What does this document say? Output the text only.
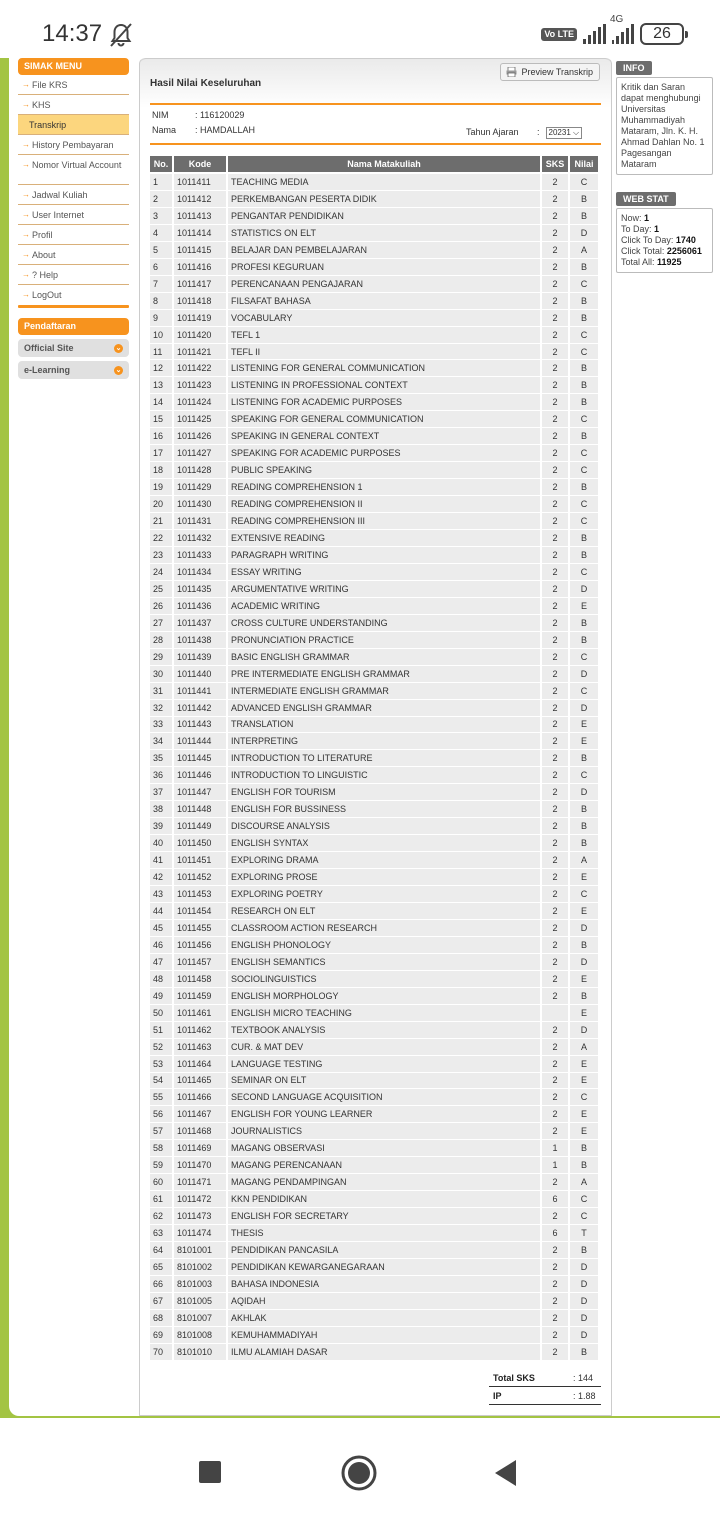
14:37	Vo LTE
4G
26
SIMAK MENU
→ File KRS
→ KHS
Transkrip
→ History Pembayaran
→ Nomor Virtual Account
→ Jadwal Kuliah
→ User Internet
→ Profil
→ About
→ ? Help
→ LogOut
Pendaftaran
Official Site	⌄
e-Learning	⌄
Hasil Nilai Keseluruhan
Preview Transkrip
NIM	: 116120029
Nama	: HAMDALLAH	Tahun Ajaran	:	20231 ⌵
No.	Kode	Nama Matakuliah	SKS	Nilai
1	1011411	TEACHING MEDIA	2	C
2	1011412	PERKEMBANGAN PESERTA DIDIK	2	B
3	1011413	PENGANTAR PENDIDIKAN	2	B
4	1011414	STATISTICS ON ELT	2	D
5	1011415	BELAJAR DAN PEMBELAJARAN	2	A
6	1011416	PROFESI KEGURUAN	2	B
7	1011417	PERENCANAAN PENGAJARAN	2	C
8	1011418	FILSAFAT BAHASA	2	B
9	1011419	VOCABULARY	2	B
10	1011420	TEFL 1	2	C
11	1011421	TEFL II	2	C
12	1011422	LISTENING FOR GENERAL COMMUNICATION	2	B
13	1011423	LISTENING IN PROFESSIONAL CONTEXT	2	B
14	1011424	LISTENING FOR ACADEMIC PURPOSES	2	B
15	1011425	SPEAKING FOR GENERAL COMMUNICATION	2	C
16	1011426	SPEAKING IN GENERAL CONTEXT	2	B
17	1011427	SPEAKING FOR ACADEMIC PURPOSES	2	C
18	1011428	PUBLIC SPEAKING	2	C
19	1011429	READING COMPREHENSION 1	2	B
20	1011430	READING COMPREHENSION II	2	C
21	1011431	READING COMPREHENSION III	2	C
22	1011432	EXTENSIVE READING	2	B
23	1011433	PARAGRAPH WRITING	2	B
24	1011434	ESSAY WRITING	2	C
25	1011435	ARGUMENTATIVE WRITING	2	D
26	1011436	ACADEMIC WRITING	2	E
27	1011437	CROSS CULTURE UNDERSTANDING	2	B
28	1011438	PRONUNCIATION PRACTICE	2	B
29	1011439	BASIC ENGLISH GRAMMAR	2	C
30	1011440	PRE INTERMEDIATE ENGLISH GRAMMAR	2	D
31	1011441	INTERMEDIATE ENGLISH GRAMMAR	2	C
32	1011442	ADVANCED ENGLISH GRAMMAR	2	D
33	1011443	TRANSLATION	2	E
34	1011444	INTERPRETING	2	E
35	1011445	INTRODUCTION TO LITERATURE	2	B
36	1011446	INTRODUCTION TO LINGUISTIC	2	C
37	1011447	ENGLISH FOR TOURISM	2	D
38	1011448	ENGLISH FOR BUSSINESS	2	B
39	1011449	DISCOURSE ANALYSIS	2	B
40	1011450	ENGLISH SYNTAX	2	B
41	1011451	EXPLORING DRAMA	2	A
42	1011452	EXPLORING PROSE	2	E
43	1011453	EXPLORING POETRY	2	C
44	1011454	RESEARCH ON ELT	2	E
45	1011455	CLASSROOM ACTION RESEARCH	2	D
46	1011456	ENGLISH PHONOLOGY	2	B
47	1011457	ENGLISH SEMANTICS	2	D
48	1011458	SOCIOLINGUISTICS	2	E
49	1011459	ENGLISH MORPHOLOGY	2	B
50	1011461	ENGLISH MICRO TEACHING		E
51	1011462	TEXTBOOK ANALYSIS	2	D
52	1011463	CUR. & MAT DEV	2	A
53	1011464	LANGUAGE TESTING	2	E
54	1011465	SEMINAR ON ELT	2	E
55	1011466	SECOND LANGUAGE ACQUISITION	2	C
56	1011467	ENGLISH FOR YOUNG LEARNER	2	E
57	1011468	JOURNALISTICS	2	E
58	1011469	MAGANG OBSERVASI	1	B
59	1011470	MAGANG PERENCANAAN	1	B
60	1011471	MAGANG PENDAMPINGAN	2	A
61	1011472	KKN PENDIDIKAN	6	C
62	1011473	ENGLISH FOR SECRETARY	2	C
63	1011474	THESIS	6	T
64	8101001	PENDIDIKAN PANCASILA	2	B
65	8101002	PENDIDIKAN KEWARGANEGARAAN	2	D
66	8101003	BAHASA INDONESIA	2	D
67	8101005	AQIDAH	2	D
68	8101007	AKHLAK	2	D
69	8101008	KEMUHAMMADIYAH	2	D
70	8101010	ILMU ALAMIAH DASAR	2	B
Total SKS	: 144
IP	: 1.88
INFO
Kritik dan Saran dapat menghubungi Universitas Muhammadiyah Mataram, Jln. K. H. Ahmad Dahlan No. 1 Pagesangan Mataram
WEB STAT
Now: 1
To Day: 1
Click To Day: 1740
Click Total: 2256061
Total All: 11925
